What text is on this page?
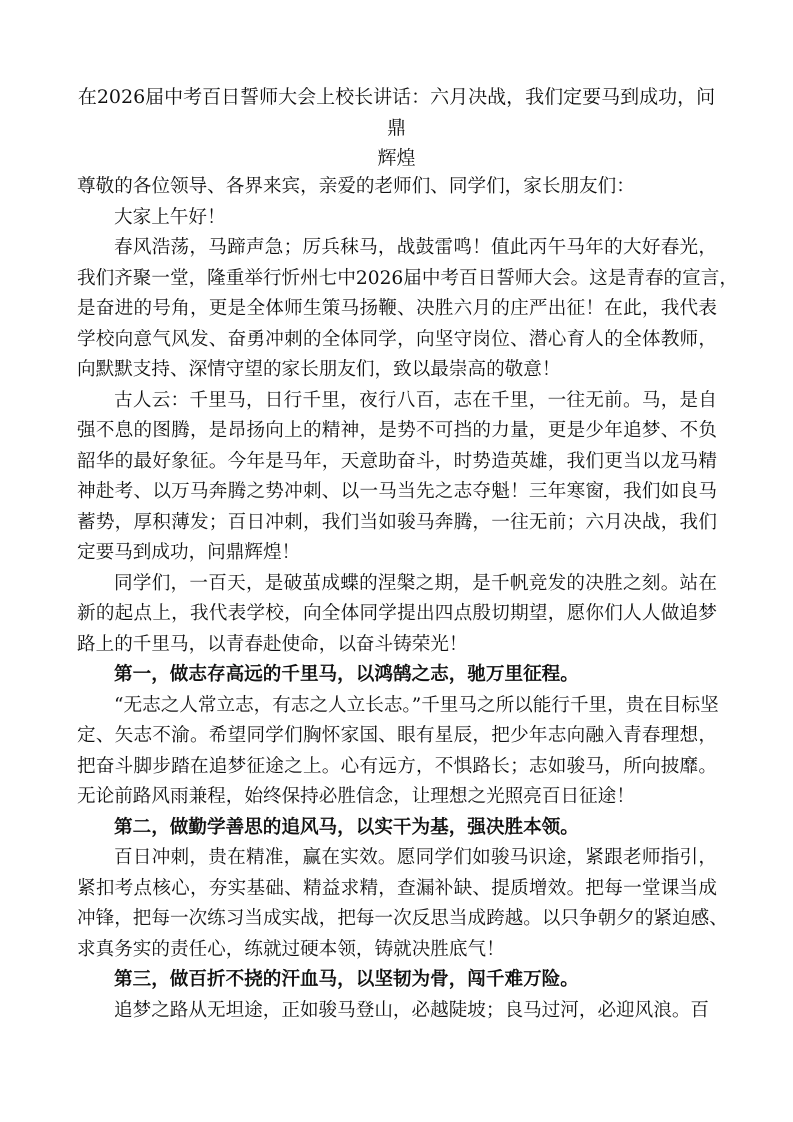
在2026届中考百日誓师大会上校长讲话：六月决战，我们定要马到成功，问鼎
辉煌
尊敬的各位领导、各界来宾，亲爱的老师们、同学们，家长朋友们：
大家上午好！
春风浩荡，马蹄声急；厉兵秣马，战鼓雷鸣！值此丙午马年的大好春光，
我们齐聚一堂，隆重举行忻州七中2026届中考百日誓师大会。这是青春的宣言，
是奋进的号角，更是全体师生策马扬鞭、决胜六月的庄严出征！在此，我代表
学校向意气风发、奋勇冲刺的全体同学，向坚守岗位、潜心育人的全体教师，
向默默支持、深情守望的家长朋友们，致以最崇高的敬意！
古人云：千里马，日行千里，夜行八百，志在千里，一往无前。马，是自
强不息的图腾，是昂扬向上的精神，是势不可挡的力量，更是少年追梦、不负
韶华的最好象征。今年是马年，天意助奋斗，时势造英雄，我们更当以龙马精
神赴考、以万马奔腾之势冲刺、以一马当先之志夺魁！三年寒窗，我们如良马
蓄势，厚积薄发；百日冲刺，我们当如骏马奔腾，一往无前；六月决战，我们
定要马到成功，问鼎辉煌！
同学们，一百天，是破茧成蝶的涅槃之期，是千帆竞发的决胜之刻。站在
新的起点上，我代表学校，向全体同学提出四点殷切期望，愿你们人人做追梦
路上的千里马，以青春赴使命，以奋斗铸荣光！
第一，做志存高远的千里马，以鸿鹄之志，驰万里征程。
“无志之人常立志，有志之人立长志。”千里马之所以能行千里，贵在目标坚
定、矢志不渝。希望同学们胸怀家国、眼有星辰，把少年志向融入青春理想，
把奋斗脚步踏在追梦征途之上。心有远方，不惧路长；志如骏马，所向披靡。
无论前路风雨兼程，始终保持必胜信念，让理想之光照亮百日征途！
第二，做勤学善思的追风马，以实干为基，强决胜本领。
百日冲刺，贵在精准，赢在实效。愿同学们如骏马识途，紧跟老师指引，
紧扣考点核心，夯实基础、精益求精，查漏补缺、提质增效。把每一堂课当成
冲锋，把每一次练习当成实战，把每一次反思当成跨越。以只争朝夕的紧迫感、
求真务实的责任心，练就过硬本领，铸就决胜底气！
第三，做百折不挠的汗血马，以坚韧为骨，闯千难万险。
追梦之路从无坦途，正如骏马登山，必越陡坡；良马过河，必迎风浪。百
